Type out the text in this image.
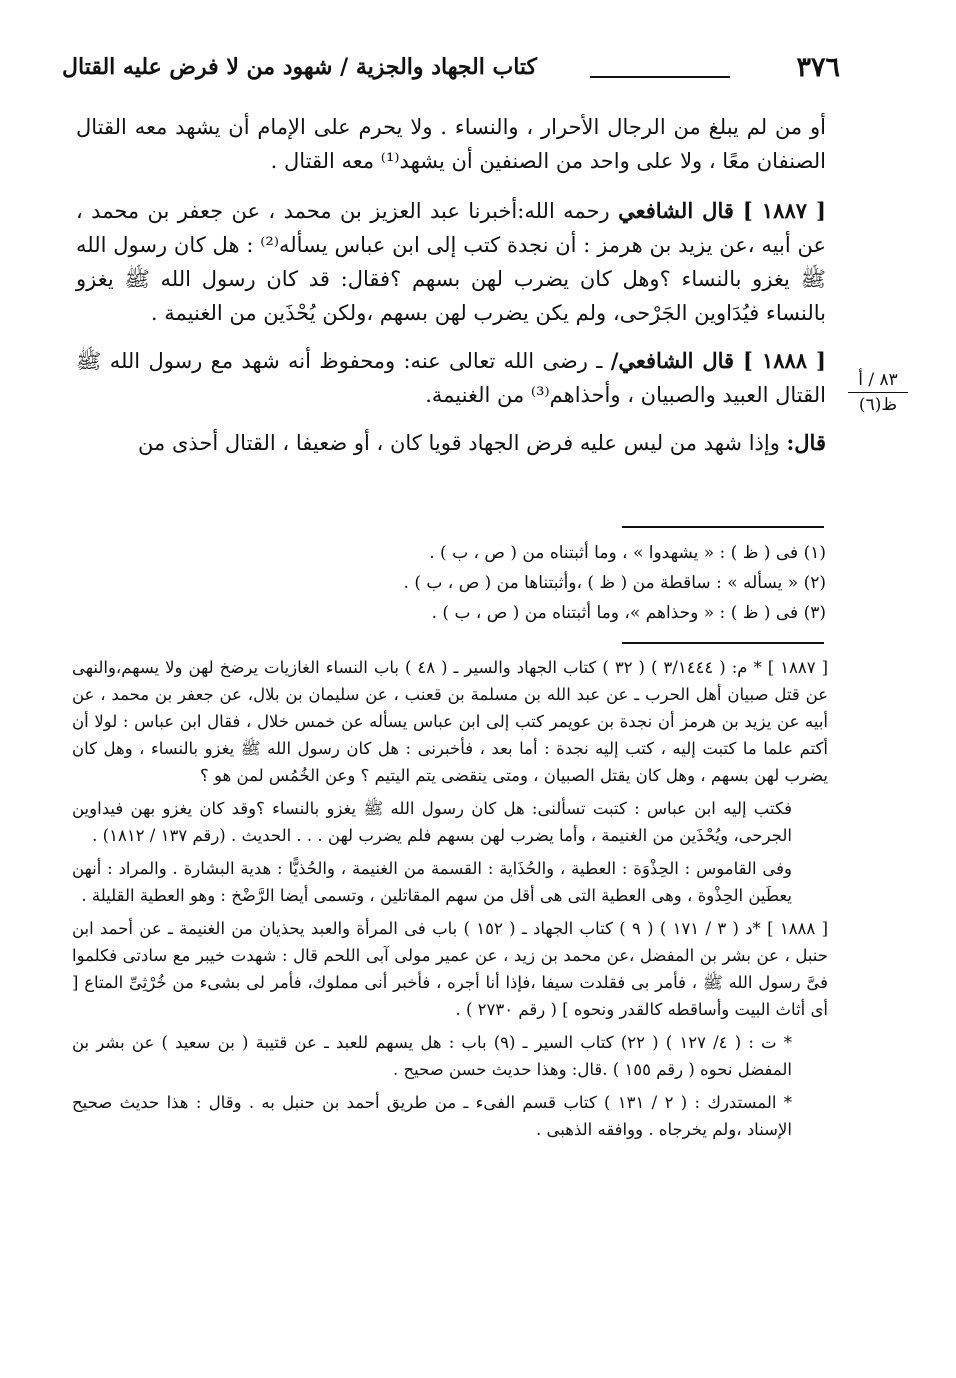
٣٧٦
كتاب الجهاد والجزية / شهود من لا فرض عليه القتال

أو من لم يبلغ من الرجال الأحرار ، والنساء . ولا يحرم على الإمام أن يشهد معه القتال الصنفان معًا ، ولا على واحد من الصنفين أن يشهد⁽¹⁾ معه القتال .

[ ١٨٨٧ ] قال الشافعي رحمه الله:أخبرنا عبد العزيز بن محمد ، عن جعفر بن محمد ، عن أبيه ،عن يزيد بن هرمز : أن نجدة كتب إلى ابن عباس يسأله⁽²⁾ : هل كان رسول الله ﷺ يغزو بالنساء ؟وهل كان يضرب لهن بسهم ؟فقال: قد كان رسول الله ﷺ يغزو بالنساء فيُدَاوين الجَرْحى، ولم يكن يضرب لهن بسهم ،ولكن يُحْذَين من الغنيمة .

[ ١٨٨٨ ] قال الشافعي/ ـ رضى الله تعالى عنه: ومحفوظ أنه شهد مع رسول الله ﷺ القتال العبيد والصبيان ، وأحذاهم⁽³⁾ من الغنيمة.

قال: وإذا شهد من ليس عليه فرض الجهاد قويا كان ، أو ضعيفا ، القتال أحذى من

٨٣ / أ
ظ(٦)
(١) فى ( ظ ) : « يشهدوا » ، وما أثبتناه من ( ص ، ب ) .
(٢) « يسأله » : ساقطة من ( ظ ) ،وأثبتناها من ( ص ، ب ) .
(٣) فى ( ظ ) : « وحذاهم »، وما أثبتناه من ( ص ، ب ) .

[ ١٨٨٧ ] * م: ( ٣/١٤٤٤ ) ( ٣٢ ) كتاب الجهاد والسير ـ ( ٤٨ ) باب النساء الغازيات يرضخ لهن ولا يسهم،والنهى عن قتل صبيان أهل الحرب ـ عن عبد الله بن مسلمة بن قعنب ، عن سليمان بن بلال، عن جعفر بن محمد ، عن أبيه عن يزيد بن هرمز أن نجدة بن عويمر كتب إلى ابن عباس يسأله عن خمس خلال ، فقال ابن عباس : لولا أن أكتم علما ما كتبت إليه ، كتب إليه نجدة : أما بعد ، فأخبرنى : هل كان رسول الله ﷺ يغزو بالنساء ، وهل كان يضرب لهن بسهم ، وهل كان يقتل الصبيان ، ومتى ينقضى يتم اليتيم ؟ وعن الخُمُس لمن هو ؟

فكتب إليه ابن عباس : كتبت تسألنى: هل كان رسول الله ﷺ يغزو بالنساء ؟وقد كان يغزو بهن فيداوين الجرحى، ويُحْذَين من الغنيمة ، وأما يضرب لهن بسهم فلم يضرب لهن . . . الحديث . (رقم ١٣٧ / ١٨١٢) .

وفى القاموس : الحِذْوَة : العطية ، والحُذَاية : القسمة من الغنيمة ، والحُذيًّا : هدية البشارة . والمراد : أنهن يعطَين الحِذْوة ، وهى العطية التى هى أقل من سهم المقاتلين ، وتسمى أيضا الرَّضْخ : وهو العطية القليلة .

[ ١٨٨٨ ] *د ( ٣ / ١٧١ ) ( ٩ ) كتاب الجهاد ـ ( ١٥٢ ) باب فى المرأة والعبد يحذيان من الغنيمة ـ عن أحمد ابن حنبل ، عن بشر بن المفضل ،عن محمد بن زيد ، عن عمير مولى آبى اللحم قال : شهدت خيبر مع سادتى فكلموا فىَّ رسول الله ﷺ ، فأمر بى فقلدت سيفا ،فإذا أنا أجره ، فأخبر أنى مملوك، فأمر لى بشىء من خُرْثِىِّ المتاع [ أى أثاث البيت وأساقطه كالقدر ونحوه ] ( رقم ٢٧٣٠ ) .

* ت : ( ٤/ ١٢٧ ) ( ٢٢) كتاب السير ـ (٩) باب : هل يسهم للعبد ـ عن قتيبة ( بن سعيد ) عن بشر بن المفضل نحوه ( رقم ١٥٥ ) .قال: وهذا حديث حسن صحيح .

* المستدرك : ( ٢ / ١٣١ ) كتاب قسم الفىء ـ من طريق أحمد بن حنبل به . وقال : هذا حديث صحيح الإسناد ،ولم يخرجاه . ووافقه الذهبى .
